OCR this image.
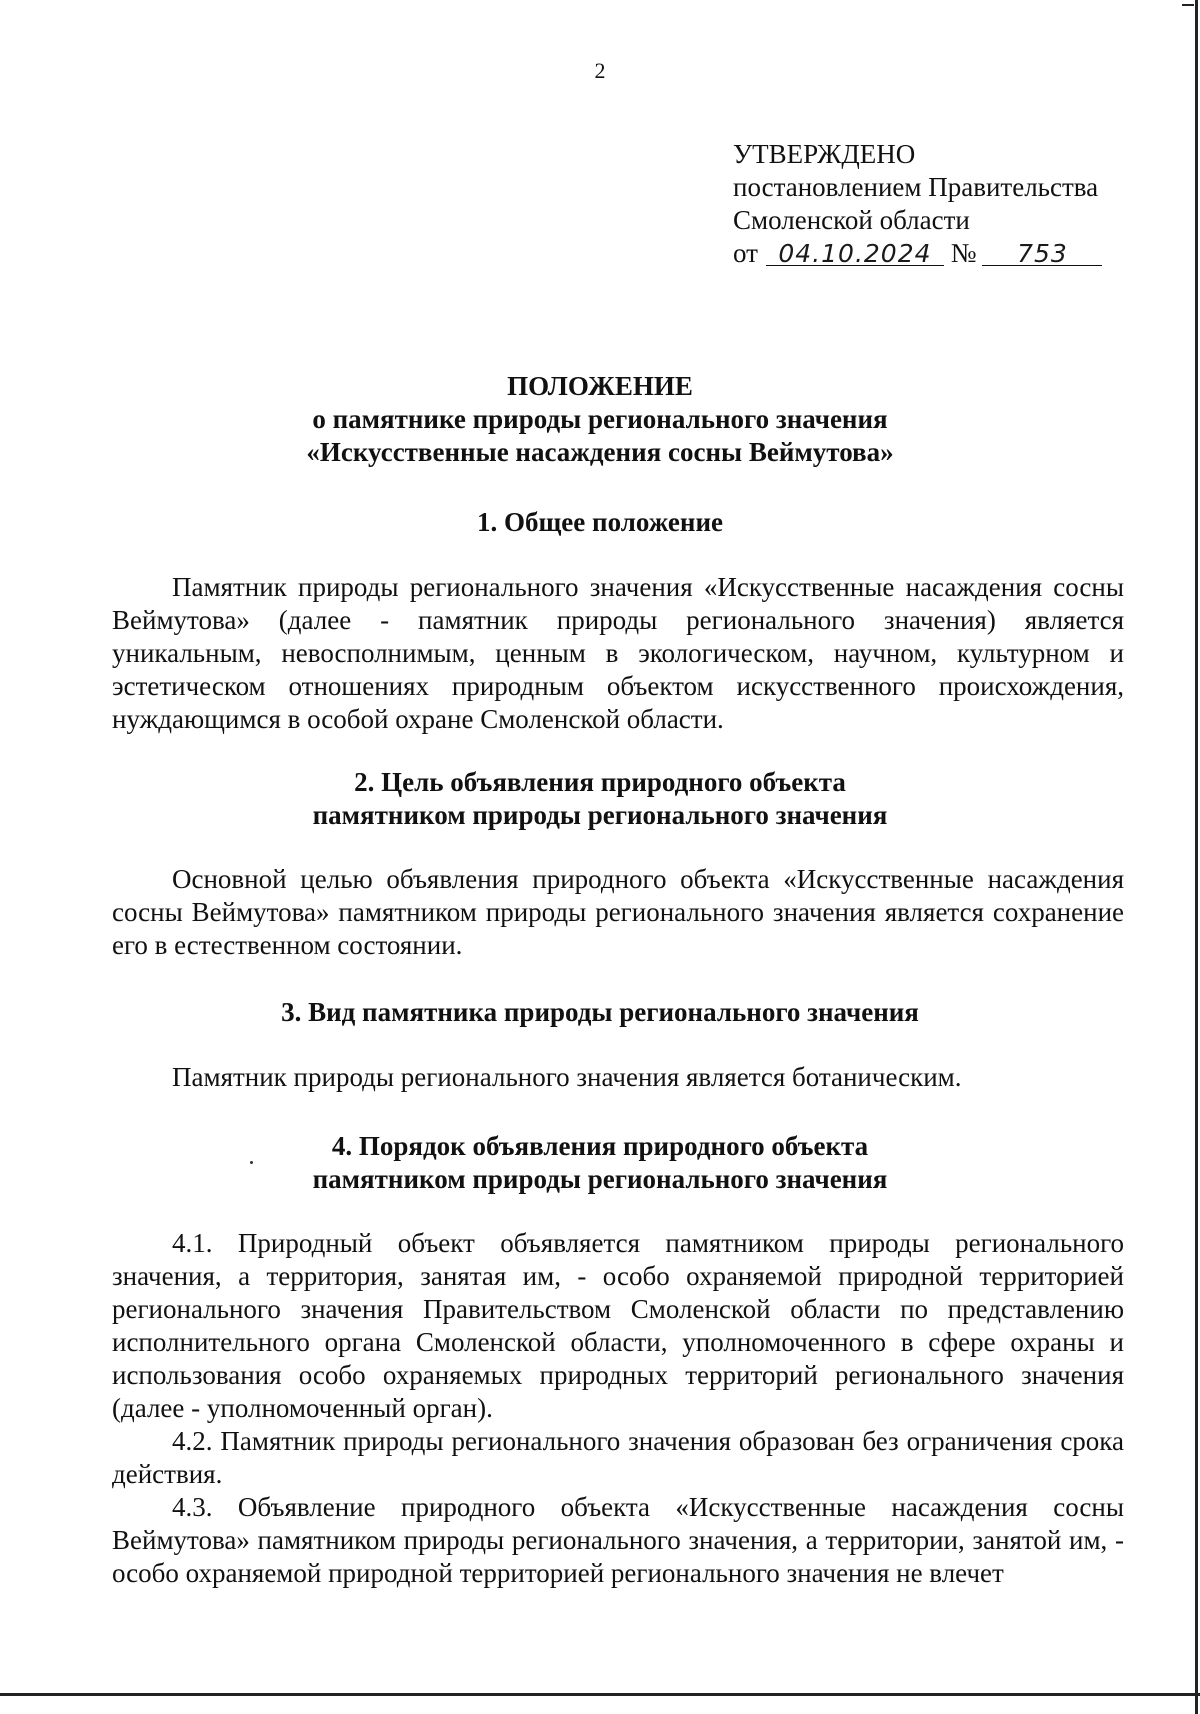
2
УТВЕРЖДЕНО
постановлением Правительства
Смоленской области
от 04.10.2024 № 753
ПОЛОЖЕНИЕ
о памятнике природы регионального значения
«Искусственные насаждения сосны Веймутова»
1. Общее положение

Памятник природы регионального значения «Искусственные насаждения сосны Веймутова» (далее - памятник природы регионального значения) является уникальным, невосполнимым, ценным в экологическом, научном, культурном и эстетическом отношениях природным объектом искусственного происхождения, нуждающимся в особой охране Смоленской области.

2. Цель объявления природного объекта
памятником природы регионального значения

Основной целью объявления природного объекта «Искусственные насаждения сосны Веймутова» памятником природы регионального значения является сохранение его в естественном состоянии.

3. Вид памятника природы регионального значения

Памятник природы регионального значения является ботаническим.

4. Порядок объявления природного объекта
памятником природы регионального значения

4.1. Природный объект объявляется памятником природы регионального значения, а территория, занятая им, - особо охраняемой природной территорией регионального значения Правительством Смоленской области по представлению исполнительного органа Смоленской области, уполномоченного в сфере охраны и использования особо охраняемых природных территорий регионального значения (далее - уполномоченный орган).

4.2. Памятник природы регионального значения образован без ограничения срока действия.

4.3. Объявление природного объекта «Искусственные насаждения сосны Веймутова» памятником природы регионального значения, а территории, занятой им, - особо охраняемой природной территорией регионального значения не влечет
